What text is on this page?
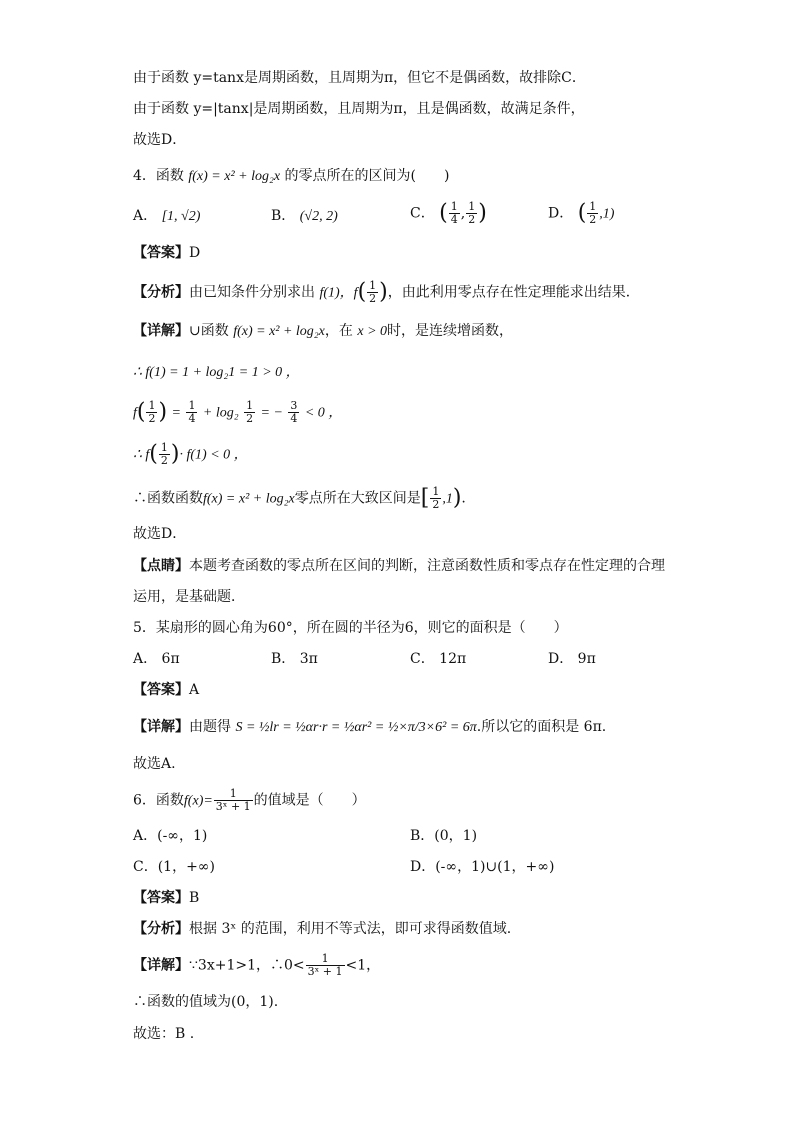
由于函数 y=tanx是周期函数，且周期为π，但它不是偶函数，故排除C．
由于函数 y=|tanx|是周期函数，且周期为π，且是偶函数，故满足条件，
故选D．
4．函数 f(x) = x² + log₂x 的零点所在的区间为(　　)
A． [1, √2)	B． (√2, 2)	C． ( $\frac{1}{4}$ , $\frac{1}{2}$ )	D． ( $\frac{1}{2} ,1$)
【答案】D
【分析】由已知条件分别求出 f(1)，$f( \frac{1}{2}$ )，由此利用零点存在性定理能求出结果．
【详解】∪函数 f(x) = x² + log₂x，在 x > 0时，是连续增函数，
∴ f(1) = 1 + log₂1 = 1 > 0 ，
$f( \frac{1}{2}$ ) = $\frac{1}{4} + \log_2 \frac{1}{2}$ = − $\frac{3}{4} < 0$ ，
∴ $f( \frac{1}{2}$ )· f(1) < 0 ，
∴函数函数f(x) = x² + log₂x零点所在大致区间是[ $\frac{1}{2} ,1$).
故选D．
【点睛】本题考查函数的零点所在区间的判断，注意函数性质和零点存在性定理的合理
运用，是基础题．
5．某扇形的圆心角为60°，所在圆的半径为6，则它的面积是（　　）
A． 6π	B． 3π	C． 12π	D． 9π
【答案】A
【详解】由题得 S = ½lr = ½αr·r = ½αr² = ½×π/3×6² = 6π.所以它的面积是 6π.
故选A.
6．函数$f(x)= \frac{1}{\text{3ˣ + 1}}$ 的值域是（　　）
A．(-∞，1)	B．(0，1)
C．(1，+∞)	D．(-∞，1)∪(1，+∞)
【答案】B
【分析】根据 3ˣ 的范围，利用不等式法，即可求得函数值域.
【详解】∵3x+1>1，∴0< $\frac{1}{\text{3ˣ + 1}} <1$，
∴函数的值域为(0，1).
故选：B .
